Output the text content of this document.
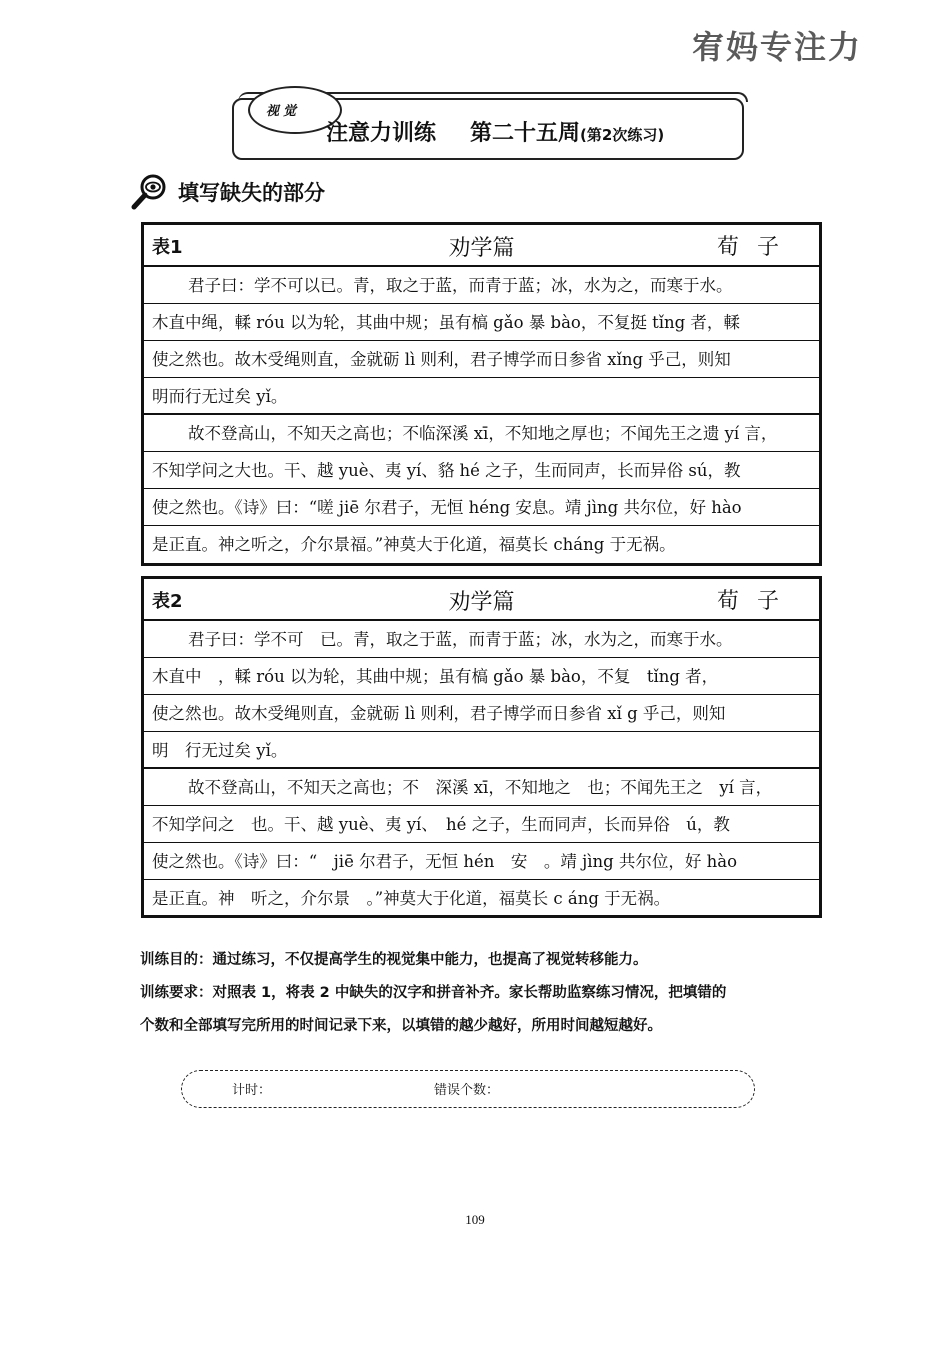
宥妈专注力
视觉
注意力训练 第二十五周(第2次练习)
填写缺失的部分
表1	劝学篇	荀子
君子曰：学不可以已。青，取之于蓝，而青于蓝；冰，水为之，而寒于水。
木直中绳，輮 róu 以为轮，其曲中规；虽有槁 gǎo 暴 bào，不复挺 tǐng 者，輮
使之然也。故木受绳则直，金就砺 lì 则利，君子博学而日参省 xǐng 乎己，则知
明而行无过矣 yǐ。
故不登高山，不知天之高也；不临深溪 xī，不知地之厚也；不闻先王之遗 yí 言，
不知学问之大也。干、越 yuè、夷 yí、貉 hé 之子，生而同声，长而异俗 sú，教
使之然也。《诗》曰：“嗟 jiē 尔君子，无恒 héng 安息。靖 jìng 共尔位，好 hào
是正直。神之听之，介尔景福。”神莫大于化道，福莫长 cháng 于无祸。
表2	劝学篇	荀子
君子曰：学不可　已。青，取之于蓝，而青于蓝；冰，水为之，而寒于水。
木直中　，輮 róu 以为轮，其曲中规；虽有槁 gǎo 暴 bào，不复　tǐng 者，
使之然也。故木受绳则直，金就砺 lì 则利，君子博学而日参省 xǐ g 乎己，则知
明　行无过矣 yǐ。
故不登高山，不知天之高也；不　深溪 xī，不知地之　也；不闻先王之　yí 言，
不知学问之　也。干、越 yuè、夷 yí、　hé 之子，生而同声，长而异俗　ú，教
使之然也。《诗》曰：“　jiē 尔君子，无恒 hén　安　。靖 jìng 共尔位，好 hào
是正直。神　听之，介尔景　。”神莫大于化道，福莫长 c áng 于无祸。

训练目的：通过练习，不仅提高学生的视觉集中能力，也提高了视觉转移能力。

训练要求：对照表 1，将表 2 中缺失的汉字和拼音补齐。家长帮助监察练习情况，把填错的

个数和全部填写完所用的时间记录下来，以填错的越少越好，所用时间越短越好。

计时：	错误个数：
109
